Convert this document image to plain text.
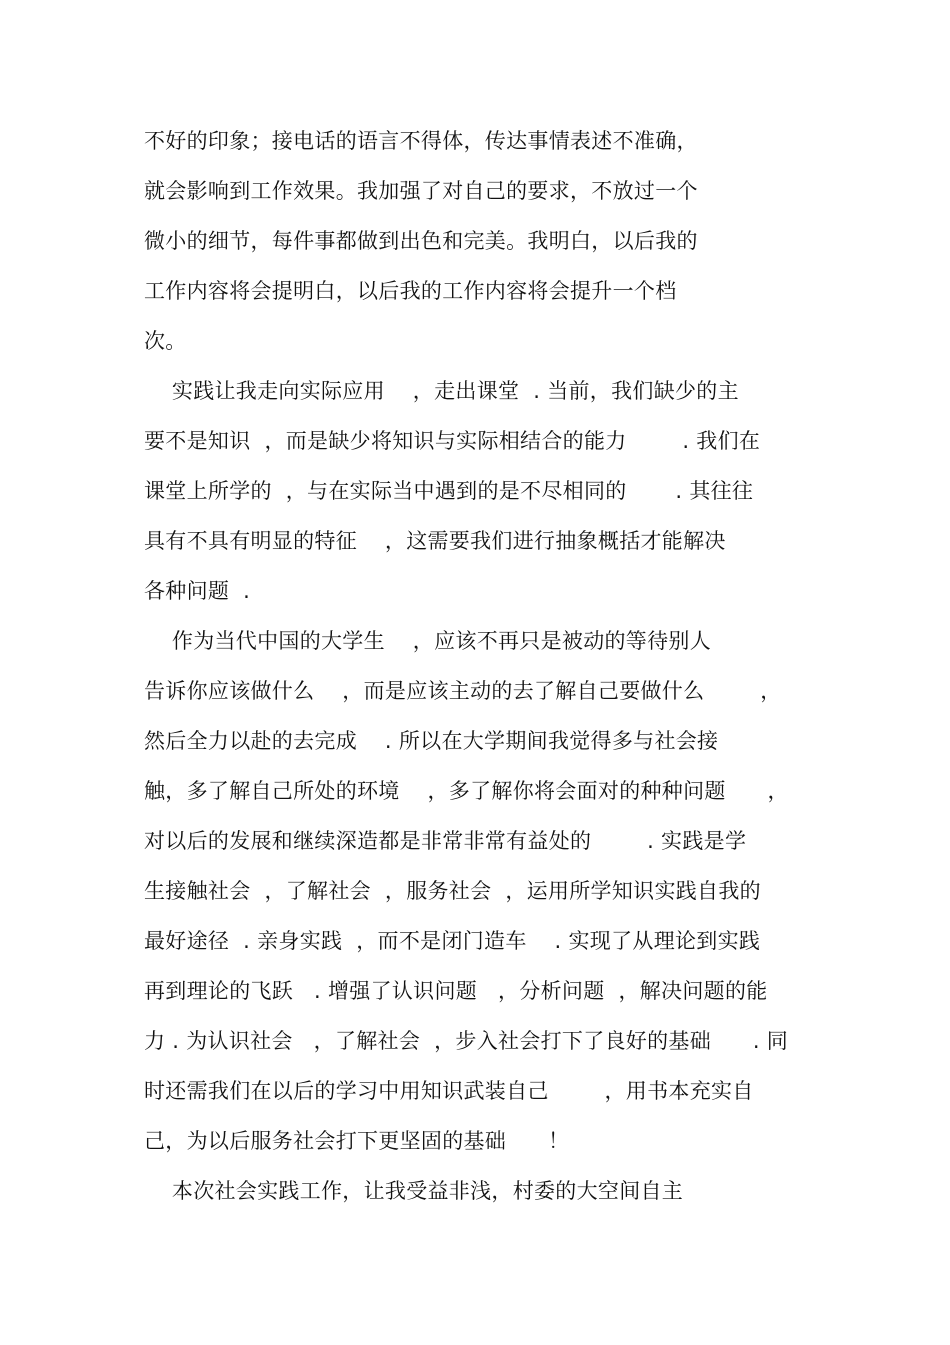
不好的印象；接电话的语言不得体，传达事情表述不准确，
就会影响到工作效果。我加强了对自己的要求，不放过一个
微小的细节，每件事都做到出色和完美。我明白，以后我的
工作内容将会提明白，以后我的工作内容将会提升一个档
次。
实践让我走向实际应用    ，走出课堂  . 当前，我们缺少的主
要不是知识  ，而是缺少将知识与实际相结合的能力        . 我们在
课堂上所学的  ，与在实际当中遇到的是不尽相同的       . 其往往
具有不具有明显的特征    ，这需要我们进行抽象概括才能解决
各种问题  .
作为当代中国的大学生    ，应该不再只是被动的等待别人
告诉你应该做什么    ，而是应该主动的去了解自己要做什么        ，
然后全力以赴的去完成    . 所以在大学期间我觉得多与社会接
触，多了解自己所处的环境    ，多了解你将会面对的种种问题      ，
对以后的发展和继续深造都是非常非常有益处的        . 实践是学
生接触社会  ，了解社会  ，服务社会  ，运用所学知识实践自我的
最好途径  . 亲身实践  ，而不是闭门造车    . 实现了从理论到实践
再到理论的飞跃   . 增强了认识问题   ，分析问题  ，解决问题的能
力 . 为认识社会   ，了解社会  ，步入社会打下了良好的基础      . 同
时还需我们在以后的学习中用知识武装自己        ，用书本充实自
己，为以后服务社会打下更坚固的基础      ！
本次社会实践工作，让我受益非浅，村委的大空间自主
